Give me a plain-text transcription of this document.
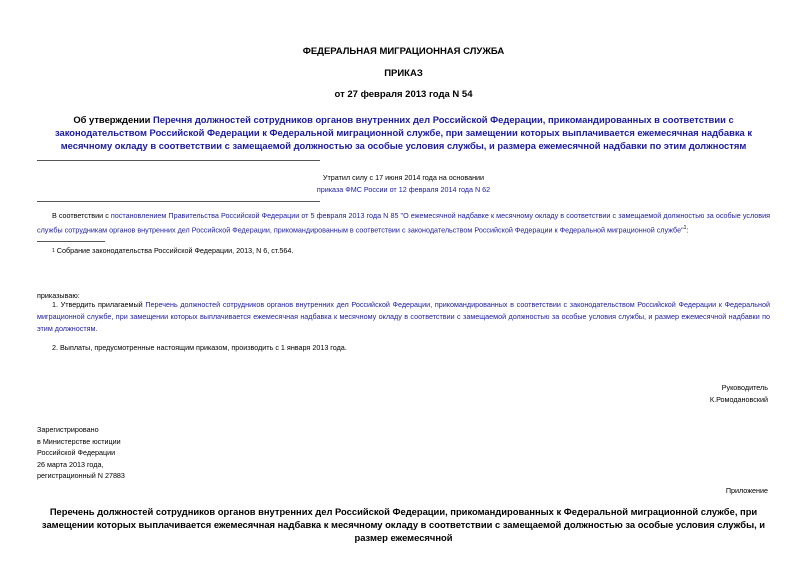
ФЕДЕРАЛЬНАЯ МИГРАЦИОННАЯ СЛУЖБА
ПРИКАЗ
от 27 февраля 2013 года N 54
Об утверждении Перечня должностей сотрудников органов внутренних дел Российской Федерации, прикомандированных в соответствии с законодательством Российской Федерации к Федеральной миграционной службе, при замещении которых выплачивается ежемесячная надбавка к месячному окладу в соответствии с замещаемой должностью за особые условия службы, и размера ежемесячной надбавки по этим должностям
Утратил силу с 17 июня 2014 года на основании
приказа ФМС России от 12 февраля 2014 года N 62
В соответствии с постановлением Правительства Российской Федерации от 5 февраля 2013 года N 85 "О ежемесячной надбавке к месячному окладу в соответствии с замещаемой должностью за особые условия службы сотрудникам органов внутренних дел Российской Федерации, прикомандированным в соответствии с законодательством Российской Федерации к Федеральной миграционной службе"$^1$:
1 Собрание законодательства Российской Федерации, 2013, N 6, ст.564.
приказываю:
1. Утвердить прилагаемый Перечень должностей сотрудников органов внутренних дел Российской Федерации, прикомандированных в соответствии с законодательством Российской Федерации к Федеральной миграционной службе, при замещении которых выплачивается ежемесячная надбавка к месячному окладу в соответствии с замещаемой должностью за особые условия службы, и размер ежемесячной надбавки по этим должностям.
2. Выплаты, предусмотренные настоящим приказом, производить с 1 января 2013 года.
Руководитель
К.Ромодановский
Зарегистрировано
в Министерстве юстиции
Российской Федерации
26 марта 2013 года,
регистрационный N 27883
Приложение
Перечень должностей сотрудников органов внутренних дел Российской Федерации, прикомандированных к Федеральной миграционной службе, при замещении которых выплачивается ежемесячная надбавка к месячному окладу в соответствии с замещаемой должностью за особые условия службы, и размер ежемесячной
